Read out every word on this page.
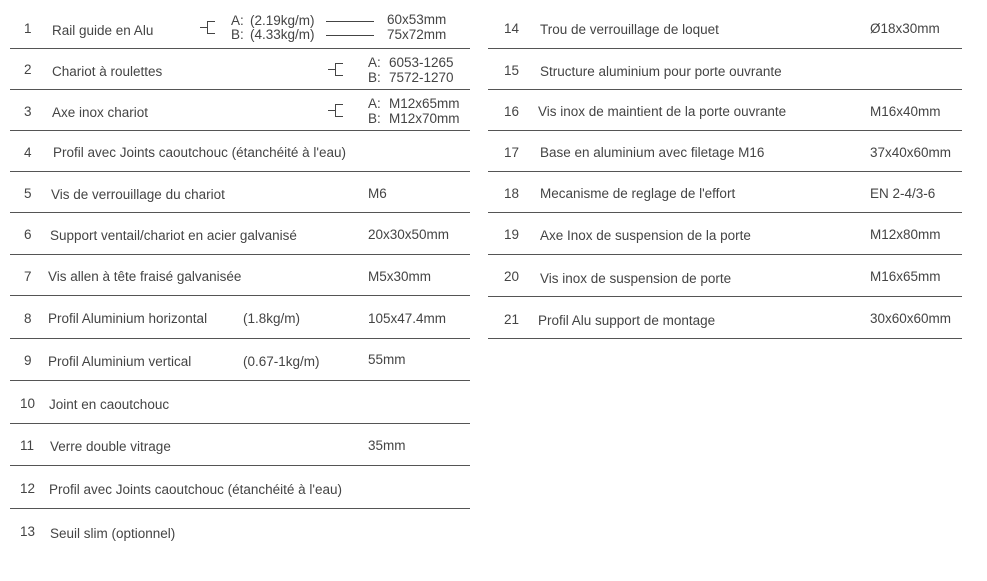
1 Rail guide en Alu
A: (2.19kg/m)	60x53mm
B: (4.33kg/m)	75x72mm
2 Chariot à roulettes
A: 6053-1265
B: 7572-1270
3 Axe inox chariot
A: M12x65mm
B: M12x70mm
4 Profil avec Joints caoutchouc (étanchéité à l'eau)
5 Vis de verrouillage du chariot	M6
6 Support ventail/chariot en acier galvanisé	20x30x50mm
7 Vis allen à tête fraisé galvanisée	M5x30mm
8 Profil Aluminium horizontal	(1.8kg/m)	105x47.4mm
9 Profil Aluminium vertical	(0.67-1kg/m)	55mm
10 Joint en caoutchouc
11 Verre double vitrage	35mm
12 Profil avec Joints caoutchouc (étanchéité à l'eau)
13 Seuil slim (optionnel)
14 Trou de verrouillage de loquet	Ø18x30mm
15 Structure aluminium pour porte ouvrante
16 Vis inox de maintient de la porte ouvrante	M16x40mm
17 Base en aluminium avec filetage M16	37x40x60mm
18 Mecanisme de reglage de l'effort	EN 2-4/3-6
19 Axe Inox de suspension de la porte	M12x80mm
20 Vis inox de suspension de porte	M16x65mm
21 Profil Alu support de montage	30x60x60mm
